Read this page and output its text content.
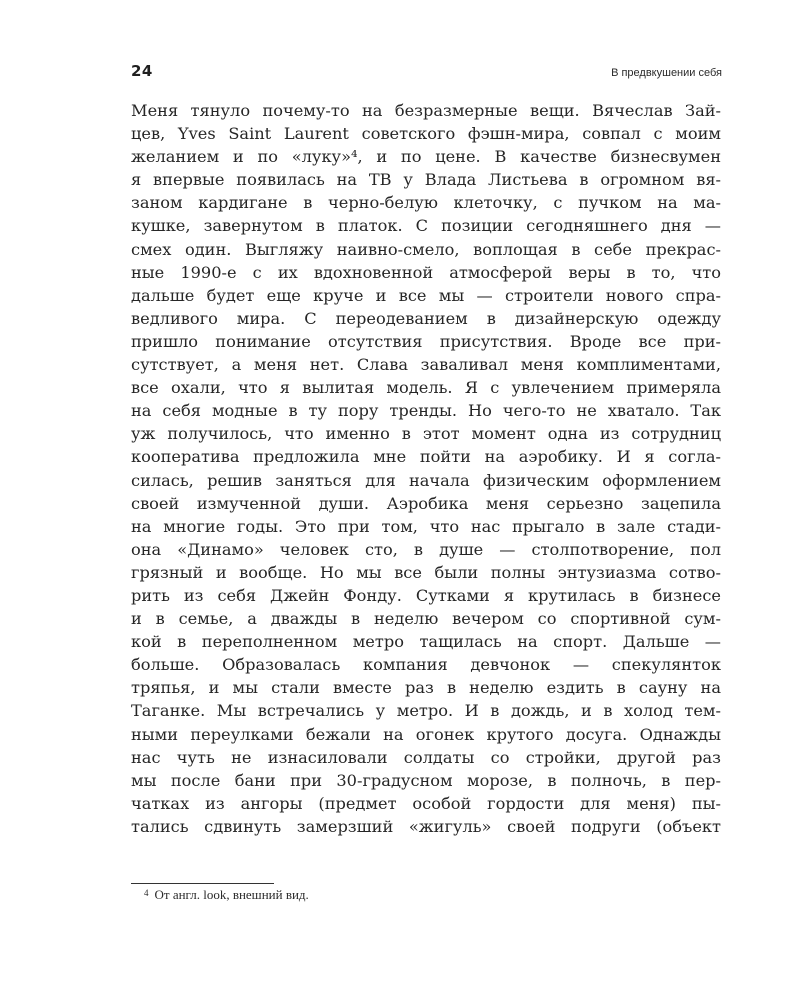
24	В предвкушении себя
Меня тянуло почему-то на безразмерные вещи. Вячеслав Зай-
цев, Yves Saint Laurent советского фэшн-мира, совпал с моим
желанием и по «луку»⁴, и по цене. В качестве бизнесвумен
я впервые появилась на ТВ у Влада Листьева в огромном вя-
заном кардигане в черно-белую клеточку, с пучком на ма-
кушке, завернутом в платок. С позиции сегодняшнего дня —
смех один. Выгляжу наивно-смело, воплощая в себе прекрас-
ные 1990-е с их вдохновенной атмосферой веры в то, что
дальше будет еще круче и все мы — строители нового спра-
ведливого мира. С переодеванием в дизайнерскую одежду
пришло понимание отсутствия присутствия. Вроде все при-
сутствует, а меня нет. Слава заваливал меня комплиментами,
все охали, что я вылитая модель. Я с увлечением примеряла
на себя модные в ту пору тренды. Но чего-то не хватало. Так
уж получилось, что именно в этот момент одна из сотрудниц
кооператива предложила мне пойти на аэробику. И я согла-
силась, решив заняться для начала физическим оформлением
своей измученной души. Аэробика меня серьезно зацепила
на многие годы. Это при том, что нас прыгало в зале стади-
она «Динамо» человек сто, в душе — столпотворение, пол
грязный и вообще. Но мы все были полны энтузиазма сотво-
рить из себя Джейн Фонду. Сутками я крутилась в бизнесе
и в семье, а дважды в неделю вечером со спортивной сум-
кой в переполненном метро тащилась на спорт. Дальше —
больше. Образовалась компания девчонок — спекулянток
тряпья, и мы стали вместе раз в неделю ездить в сауну на
Таганке. Мы встречались у метро. И в дождь, и в холод тем-
ными переулками бежали на огонек крутого досуга. Однажды
нас чуть не изнасиловали солдаты со стройки, другой раз
мы после бани при 30-градусном морозе, в полночь, в пер-
чатках из ангоры (предмет особой гордости для меня) пы-
тались сдвинуть замерзший «жигуль» своей подруги (объект
$^4$ От англ. look, внешний вид.
